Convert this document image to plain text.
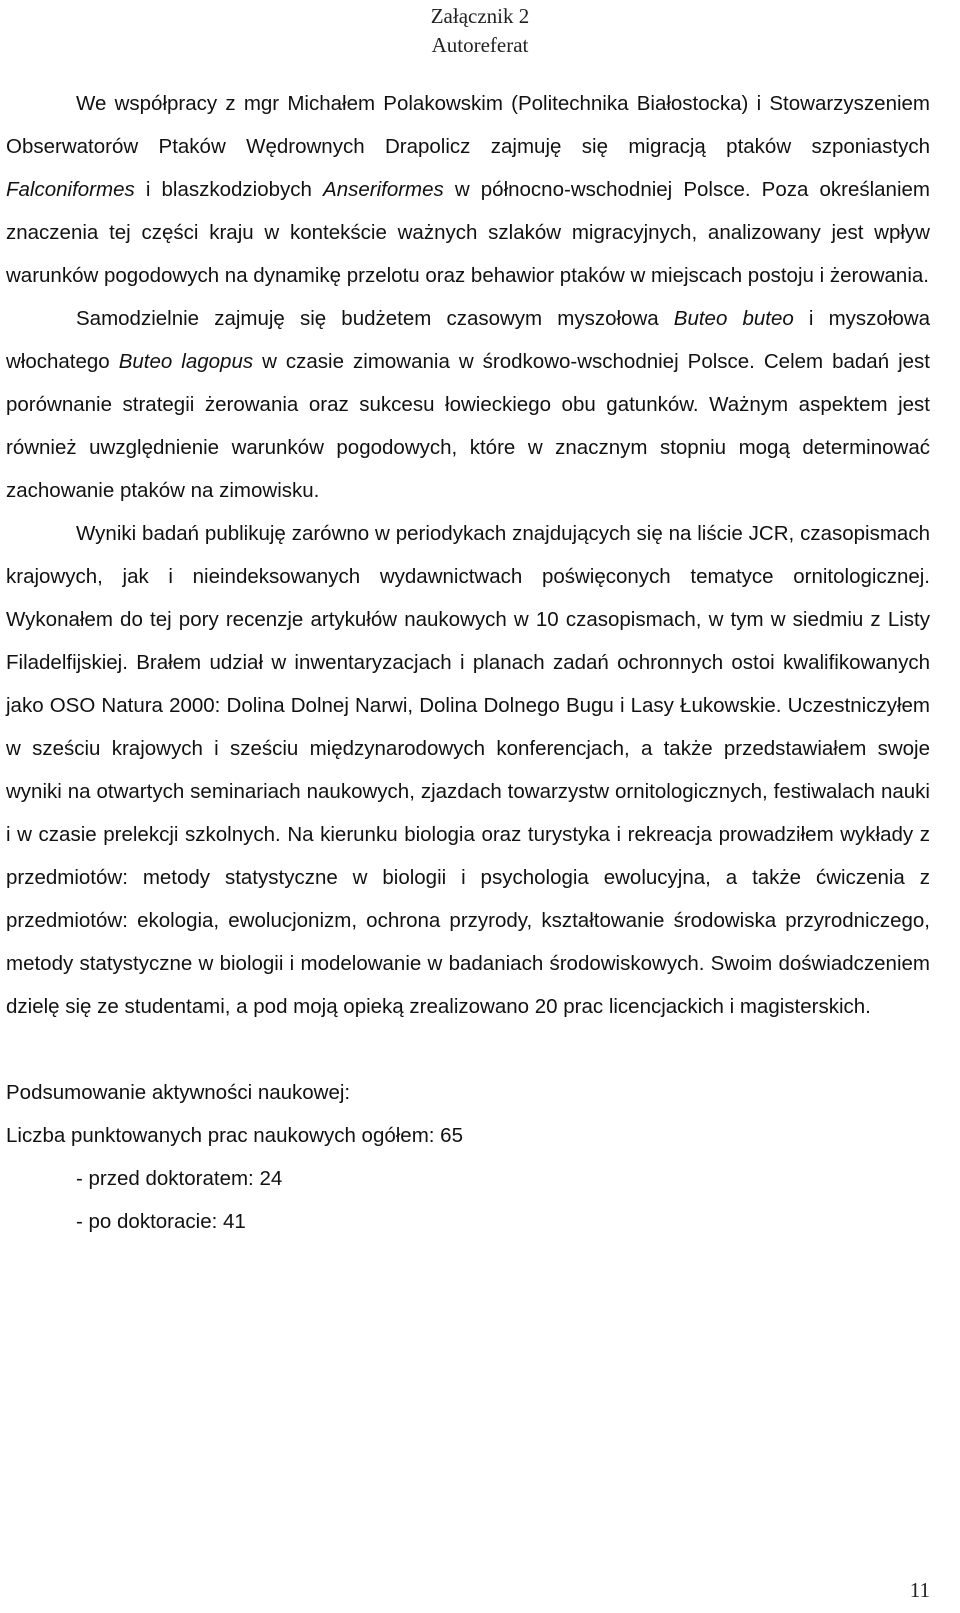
Załącznik 2
Autoreferat

We współpracy z mgr Michałem Polakowskim (Politechnika Białostocka) i Stowarzyszeniem Obserwatorów Ptaków Wędrownych Drapolicz zajmuję się migracją ptaków szponiastych Falconiformes i blaszkodziobych Anseriformes w północno-wschodniej Polsce. Poza określaniem znaczenia tej części kraju w kontekście ważnych szlaków migracyjnych, analizowany jest wpływ warunków pogodowych na dynamikę przelotu oraz behawior ptaków w miejscach postoju i żerowania.

Samodzielnie zajmuję się budżetem czasowym myszołowa Buteo buteo i myszołowa włochatego Buteo lagopus w czasie zimowania w środkowo-wschodniej Polsce. Celem badań jest porównanie strategii żerowania oraz sukcesu łowieckiego obu gatunków. Ważnym aspektem jest również uwzględnienie warunków pogodowych, które w znacznym stopniu mogą determinować zachowanie ptaków na zimowisku.

Wyniki badań publikuję zarówno w periodykach znajdujących się na liście JCR, czasopismach krajowych, jak i nieindeksowanych wydawnictwach poświęconych tematyce ornitologicznej. Wykonałem do tej pory recenzje artykułów naukowych w 10 czasopismach, w tym w siedmiu z Listy Filadelfijskiej. Brałem udział w inwentaryzacjach i planach zadań ochronnych ostoi kwalifikowanych jako OSO Natura 2000: Dolina Dolnej Narwi, Dolina Dolnego Bugu i Lasy Łukowskie. Uczestniczyłem w sześciu krajowych i sześciu międzynarodowych konferencjach, a także przedstawiałem swoje wyniki na otwartych seminariach naukowych, zjazdach towarzystw ornitologicznych, festiwalach nauki i w czasie prelekcji szkolnych. Na kierunku biologia oraz turystyka i rekreacja prowadziłem wykłady z przedmiotów: metody statystyczne w biologii i psychologia ewolucyjna, a także ćwiczenia z przedmiotów: ekologia, ewolucjonizm, ochrona przyrody, kształtowanie środowiska przyrodniczego, metody statystyczne w biologii i modelowanie w badaniach środowiskowych. Swoim doświadczeniem dzielę się ze studentami, a pod moją opieką zrealizowano 20 prac licencjackich i magisterskich.

Podsumowanie aktywności naukowej:
Liczba punktowanych prac naukowych ogółem: 65
- przed doktoratem: 24
- po doktoracie: 41
11
